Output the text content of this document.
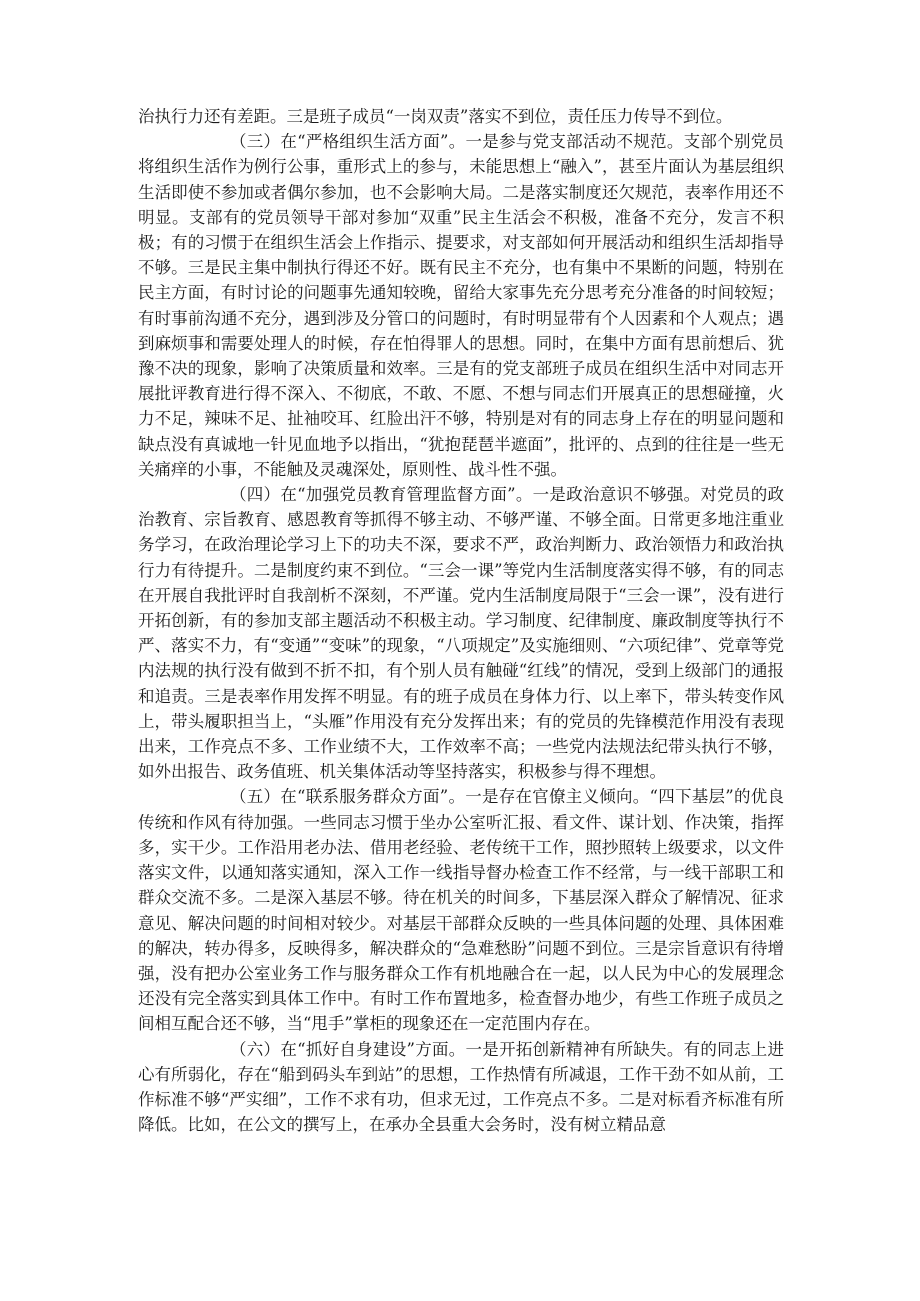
治执行力还有差距。三是班子成员“一岗双责”落实不到位，责任压力传导不到位。

（三）在“严格组织生活方面”。一是参与党支部活动不规范。支部个别党员将组织生活作为例行公事，重形式上的参与，未能思想上“融入”，甚至片面认为基层组织生活即使不参加或者偶尔参加，也不会影响大局。二是落实制度还欠规范，表率作用还不明显。支部有的党员领导干部对参加“双重”民主生活会不积极，准备不充分，发言不积极；有的习惯于在组织生活会上作指示、提要求，对支部如何开展活动和组织生活却指导不够。三是民主集中制执行得还不好。既有民主不充分，也有集中不果断的问题，特别在民主方面，有时讨论的问题事先通知较晚，留给大家事先充分思考充分准备的时间较短；有时事前沟通不充分，遇到涉及分管口的问题时，有时明显带有个人因素和个人观点；遇到麻烦事和需要处理人的时候，存在怕得罪人的思想。同时，在集中方面有思前想后、犹豫不决的现象，影响了决策质量和效率。三是有的党支部班子成员在组织生活中对同志开展批评教育进行得不深入、不彻底，不敢、不愿、不想与同志们开展真正的思想碰撞，火力不足，辣味不足、扯袖咬耳、红脸出汗不够，特别是对有的同志身上存在的明显问题和缺点没有真诚地一针见血地予以指出，“犹抱琵琶半遮面”，批评的、点到的往往是一些无关痛痒的小事，不能触及灵魂深处，原则性、战斗性不强。

（四）在“加强党员教育管理监督方面”。一是政治意识不够强。对党员的政治教育、宗旨教育、感恩教育等抓得不够主动、不够严谨、不够全面。日常更多地注重业务学习，在政治理论学习上下的功夫不深，要求不严，政治判断力、政治领悟力和政治执行力有待提升。二是制度约束不到位。“三会一课”等党内生活制度落实得不够，有的同志在开展自我批评时自我剖析不深刻，不严谨。党内生活制度局限于“三会一课”，没有进行开拓创新，有的参加支部主题活动不积极主动。学习制度、纪律制度、廉政制度等执行不严、落实不力，有“变通”“变味”的现象，“八项规定”及实施细则、“六项纪律”、党章等党内法规的执行没有做到不折不扣，有个别人员有触碰“红线”的情况，受到上级部门的通报和追责。三是表率作用发挥不明显。有的班子成员在身体力行、以上率下，带头转变作风上，带头履职担当上，“头雁”作用没有充分发挥出来；有的党员的先锋模范作用没有表现出来，工作亮点不多、工作业绩不大，工作效率不高；一些党内法规法纪带头执行不够，如外出报告、政务值班、机关集体活动等坚持落实，积极参与得不理想。

（五）在“联系服务群众方面”。一是存在官僚主义倾向。“四下基层”的优良传统和作风有待加强。一些同志习惯于坐办公室听汇报、看文件、谋计划、作决策，指挥多，实干少。工作沿用老办法、借用老经验、老传统干工作，照抄照转上级要求，以文件落实文件，以通知落实通知，深入工作一线指导督办检查工作不经常，与一线干部职工和群众交流不多。二是深入基层不够。待在机关的时间多，下基层深入群众了解情况、征求意见、解决问题的时间相对较少。对基层干部群众反映的一些具体问题的处理、具体困难的解决，转办得多，反映得多，解决群众的“急难愁盼”问题不到位。三是宗旨意识有待增强，没有把办公室业务工作与服务群众工作有机地融合在一起，以人民为中心的发展理念还没有完全落实到具体工作中。有时工作布置地多，检查督办地少，有些工作班子成员之间相互配合还不够，当“甩手”掌柜的现象还在一定范围内存在。

（六）在“抓好自身建设”方面。一是开拓创新精神有所缺失。有的同志上进心有所弱化，存在“船到码头车到站”的思想，工作热情有所减退，工作干劲不如从前，工作标准不够“严实细”，工作不求有功，但求无过，工作亮点不多。二是对标看齐标准有所降低。比如，在公文的撰写上，在承办全县重大会务时，没有树立精品意
